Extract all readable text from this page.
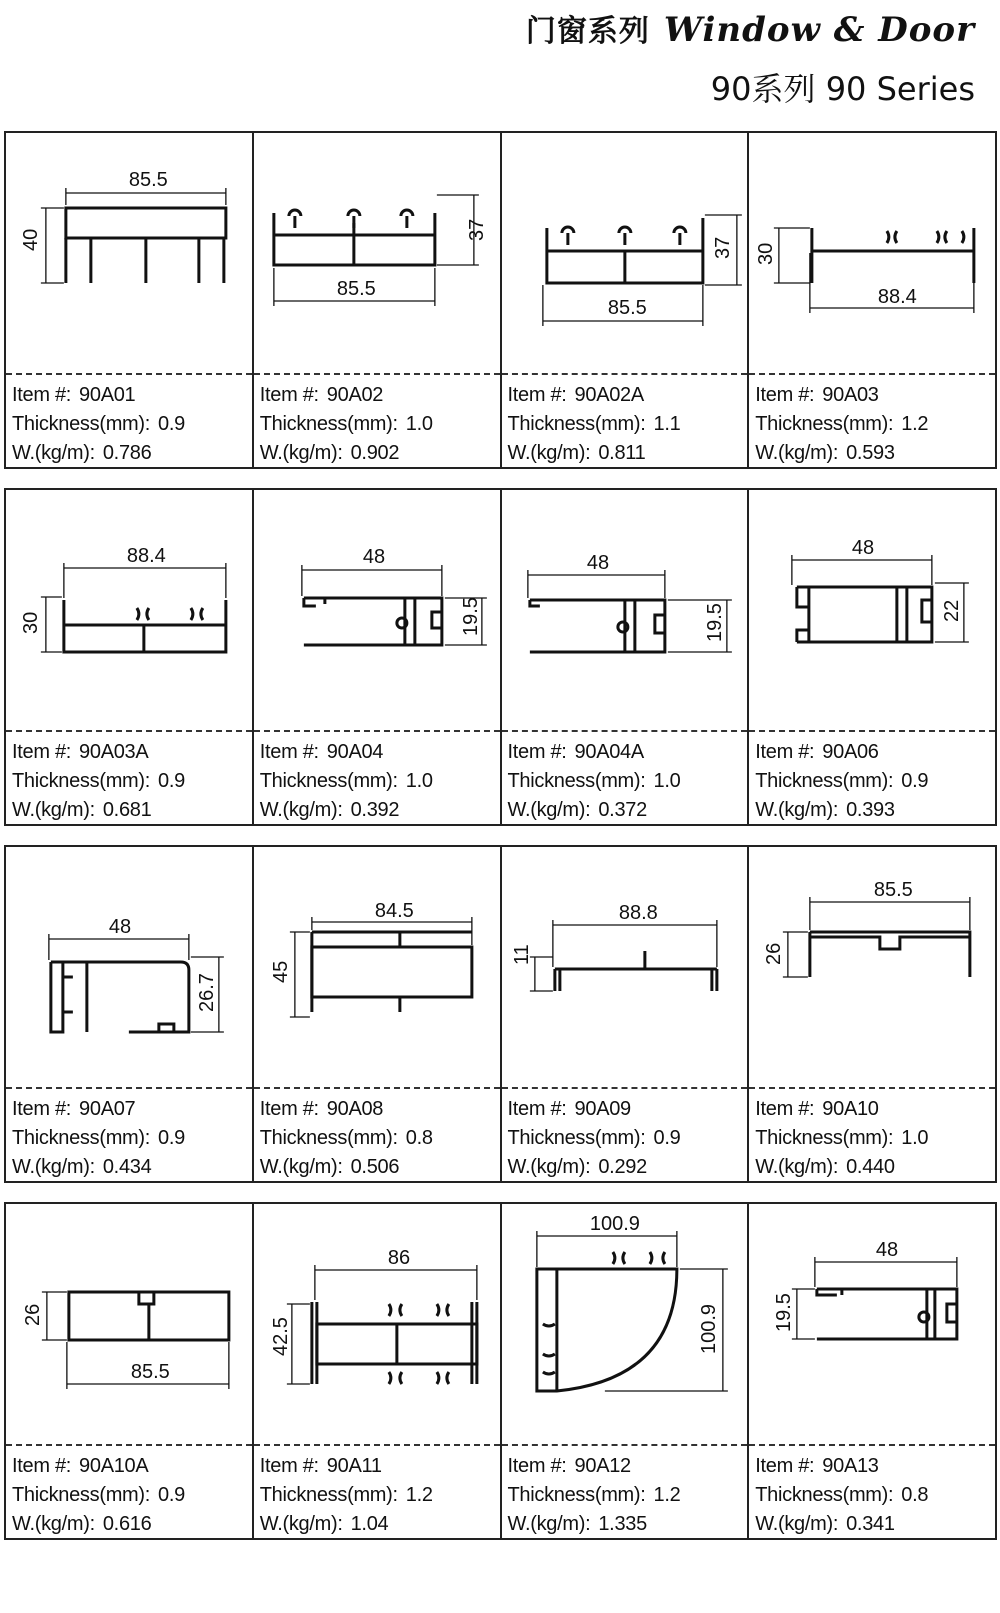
门窗系列 Window & Door
90系列 90 Series
85.5
40
Item #: 90A01
Thickness(mm): 0.9
W.(kg/m): 0.786
85.5
37
Item #: 90A02
Thickness(mm): 1.0
W.(kg/m): 0.902
85.5
37
Item #: 90A02A
Thickness(mm): 1.1
W.(kg/m): 0.811
88.4
30
Item #: 90A03
Thickness(mm): 1.2
W.(kg/m): 0.593
88.4
30
Item #: 90A03A
Thickness(mm): 0.9
W.(kg/m): 0.681
48
19.5
Item #: 90A04
Thickness(mm): 1.0
W.(kg/m): 0.392
48
19.5
Item #: 90A04A
Thickness(mm): 1.0
W.(kg/m): 0.372
48
22
Item #: 90A06
Thickness(mm): 0.9
W.(kg/m): 0.393
48
26.7
Item #: 90A07
Thickness(mm): 0.9
W.(kg/m): 0.434
84.5
45
Item #: 90A08
Thickness(mm): 0.8
W.(kg/m): 0.506
88.8
11
Item #: 90A09
Thickness(mm): 0.9
W.(kg/m): 0.292
85.5
26
Item #: 90A10
Thickness(mm): 1.0
W.(kg/m): 0.440
85.5
26
Item #: 90A10A
Thickness(mm): 0.9
W.(kg/m): 0.616
86
42.5
Item #: 90A11
Thickness(mm): 1.2
W.(kg/m): 1.04
100.9
100.9
Item #: 90A12
Thickness(mm): 1.2
W.(kg/m): 1.335
48
19.5
Item #: 90A13
Thickness(mm): 0.8
W.(kg/m): 0.341
